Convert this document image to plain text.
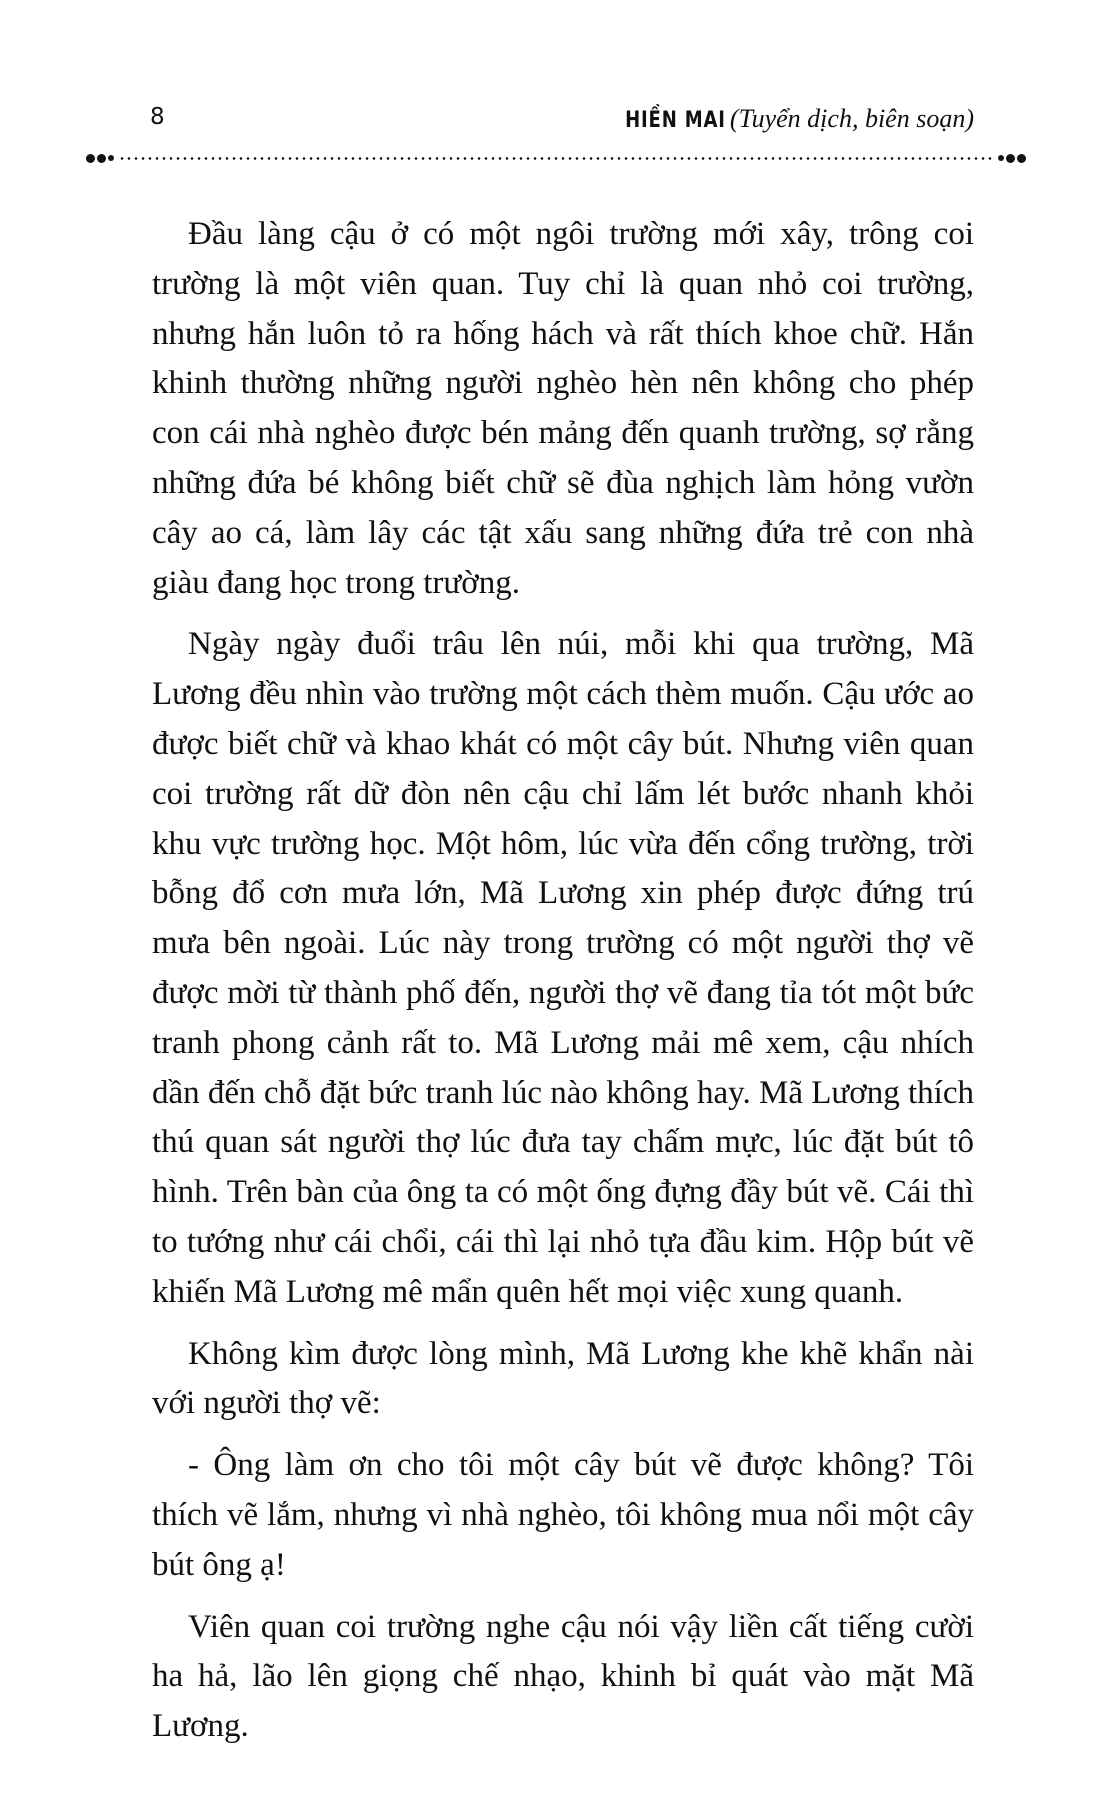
8	HIỀN MAI (Tuyển dịch, biên soạn)

Đầu làng cậu ở có một ngôi trường mới xây, trông coi trường là một viên quan. Tuy chỉ là quan nhỏ coi trường, nhưng hắn luôn tỏ ra hống hách và rất thích khoe chữ. Hắn khinh thường những người nghèo hèn nên không cho phép con cái nhà nghèo được bén mảng đến quanh trường, sợ rằng những đứa bé không biết chữ sẽ đùa nghịch làm hỏng vườn cây ao cá, làm lây các tật xấu sang những đứa trẻ con nhà giàu đang học trong trường.

Ngày ngày đuổi trâu lên núi, mỗi khi qua trường, Mã Lương đều nhìn vào trường một cách thèm muốn. Cậu ước ao được biết chữ và khao khát có một cây bút. Nhưng viên quan coi trường rất dữ đòn nên cậu chỉ lấm lét bước nhanh khỏi khu vực trường học. Một hôm, lúc vừa đến cổng trường, trời bỗng đổ cơn mưa lớn, Mã Lương xin phép được đứng trú mưa bên ngoài. Lúc này trong trường có một người thợ vẽ được mời từ thành phố đến, người thợ vẽ đang tỉa tót một bức tranh phong cảnh rất to. Mã Lương mải mê xem, cậu nhích dần đến chỗ đặt bức tranh lúc nào không hay. Mã Lương thích thú quan sát người thợ lúc đưa tay chấm mực, lúc đặt bút tô hình. Trên bàn của ông ta có một ống đựng đầy bút vẽ. Cái thì to tướng như cái chổi, cái thì lại nhỏ tựa đầu kim. Hộp bút vẽ khiến Mã Lương mê mẩn quên hết mọi việc xung quanh.

Không kìm được lòng mình, Mã Lương khe khẽ khẩn nài với người thợ vẽ:

- Ông làm ơn cho tôi một cây bút vẽ được không? Tôi thích vẽ lắm, nhưng vì nhà nghèo, tôi không mua nổi một cây bút ông ạ!

Viên quan coi trường nghe cậu nói vậy liền cất tiếng cười ha hả, lão lên giọng chế nhạo, khinh bỉ quát vào mặt Mã Lương.
